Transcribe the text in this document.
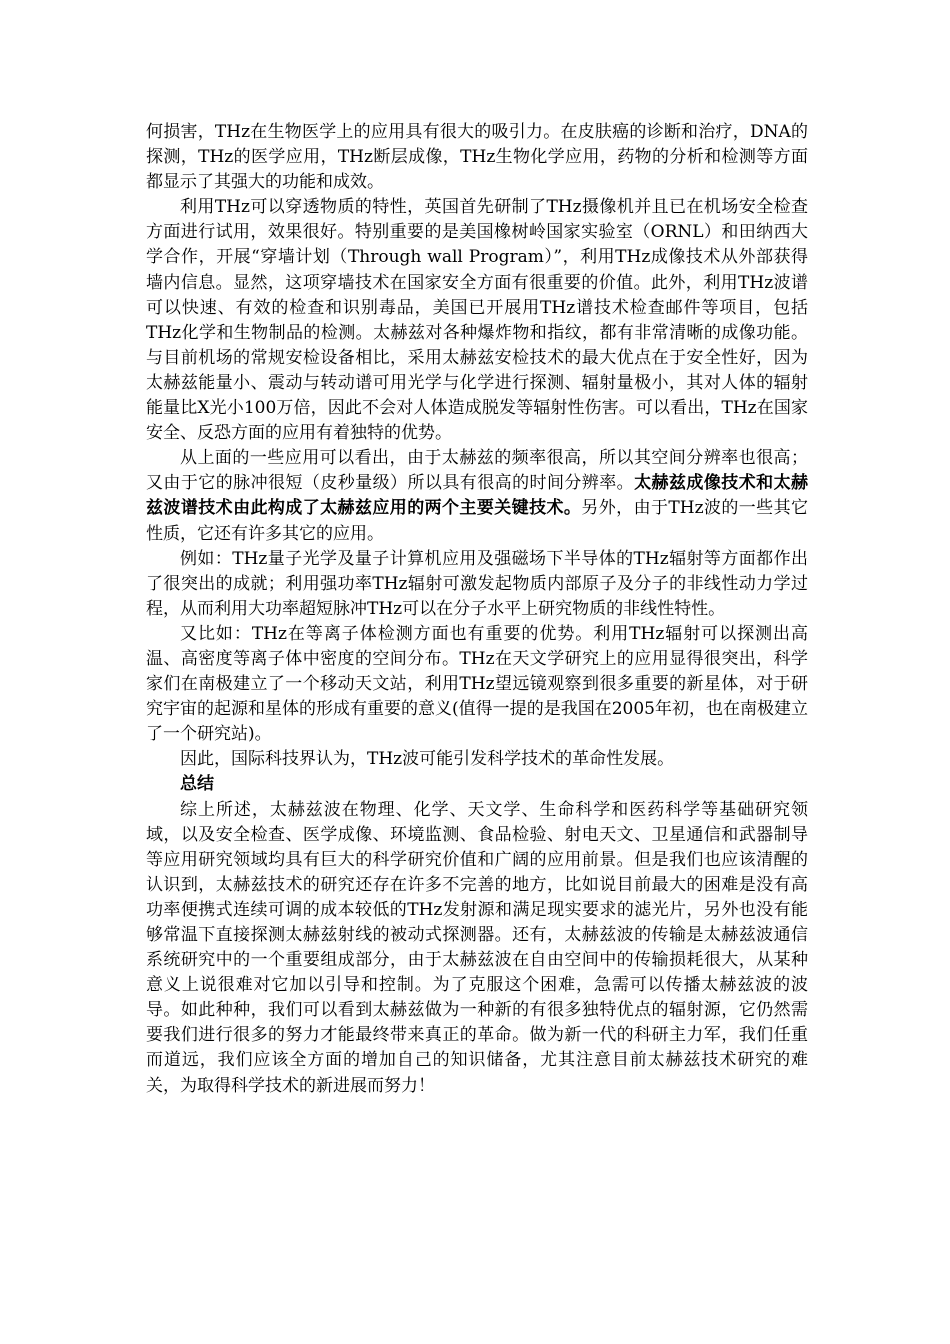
何损害，THz在生物医学上的应用具有很大的吸引力。在皮肤癌的诊断和治疗，DNA的探测，THz的医学应用，THz断层成像，THz生物化学应用，药物的分析和检测等方面都显示了其强大的功能和成效。

利用THz可以穿透物质的特性，英国首先研制了THz摄像机并且已在机场安全检查方面进行试用，效果很好。特别重要的是美国橡树岭国家实验室（ORNL）和田纳西大学合作，开展“穿墙计划（Through wall Program）”，利用THz成像技术从外部获得墙内信息。显然，这项穿墙技术在国家安全方面有很重要的价值。此外，利用THz波谱可以快速、有效的检查和识别毒品，美国已开展用THz谱技术检查邮件等项目，包括THz化学和生物制品的检测。太赫兹对各种爆炸物和指纹，都有非常清晰的成像功能。与目前机场的常规安检设备相比，采用太赫兹安检技术的最大优点在于安全性好，因为太赫兹能量小、震动与转动谱可用光学与化学进行探测、辐射量极小，其对人体的辐射能量比X光小100万倍，因此不会对人体造成脱发等辐射性伤害。可以看出，THz在国家安全、反恐方面的应用有着独特的优势。

从上面的一些应用可以看出，由于太赫兹的频率很高，所以其空间分辨率也很高；又由于它的脉冲很短（皮秒量级）所以具有很高的时间分辨率。太赫兹成像技术和太赫兹波谱技术由此构成了太赫兹应用的两个主要关键技术。另外，由于THz波的一些其它性质，它还有许多其它的应用。

例如：THz量子光学及量子计算机应用及强磁场下半导体的THz辐射等方面都作出了很突出的成就；利用强功率THz辐射可激发起物质内部原子及分子的非线性动力学过程，从而利用大功率超短脉冲THz可以在分子水平上研究物质的非线性特性。

又比如：THz在等离子体检测方面也有重要的优势。利用THz辐射可以探测出高温、高密度等离子体中密度的空间分布。THz在天文学研究上的应用显得很突出，科学家们在南极建立了一个移动天文站，利用THz望远镜观察到很多重要的新星体，对于研究宇宙的起源和星体的形成有重要的意义(值得一提的是我国在2005年初，也在南极建立了一个研究站)。

因此，国际科技界认为，THz波可能引发科学技术的革命性发展。

总结

综上所述，太赫兹波在物理、化学、天文学、生命科学和医药科学等基础研究领域，以及安全检查、医学成像、环境监测、食品检验、射电天文、卫星通信和武器制导等应用研究领域均具有巨大的科学研究价值和广阔的应用前景。但是我们也应该清醒的认识到，太赫兹技术的研究还存在许多不完善的地方，比如说目前最大的困难是没有高功率便携式连续可调的成本较低的THz发射源和满足现实要求的滤光片，另外也没有能够常温下直接探测太赫兹射线的被动式探测器。还有，太赫兹波的传输是太赫兹波通信系统研究中的一个重要组成部分，由于太赫兹波在自由空间中的传输损耗很大，从某种意义上说很难对它加以引导和控制。为了克服这个困难，急需可以传播太赫兹波的波导。如此种种，我们可以看到太赫兹做为一种新的有很多独特优点的辐射源，它仍然需要我们进行很多的努力才能最终带来真正的革命。做为新一代的科研主力军，我们任重而道远，我们应该全方面的增加自己的知识储备，尤其注意目前太赫兹技术研究的难关，为取得科学技术的新进展而努力！
